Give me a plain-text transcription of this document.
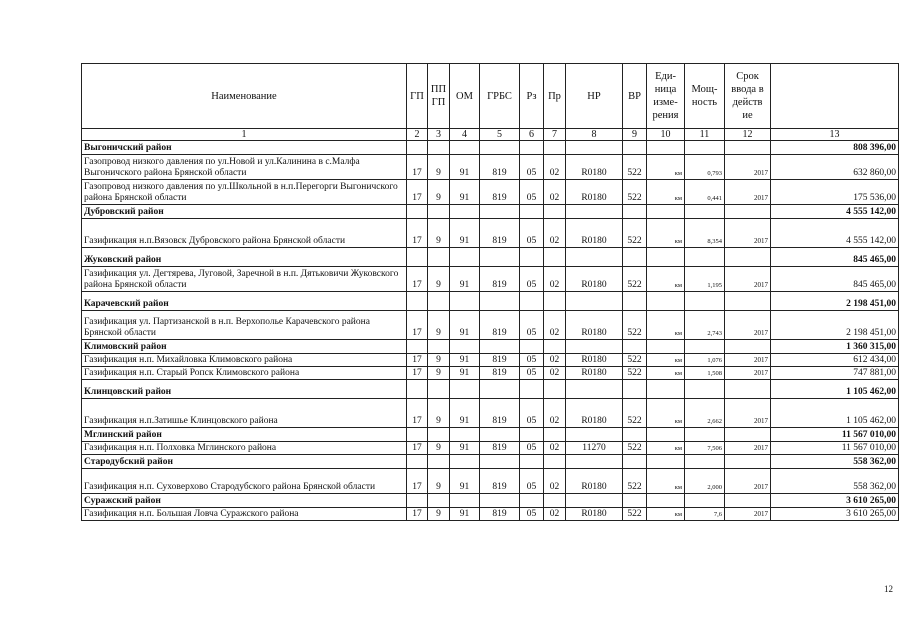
Наименование	ГП	ПП ГП	ОМ	ГРБС	Рз	Пр	НР	ВР	Еди- ница изме- рения	Мощ- ность	Срок ввода в действ ие	
1	2	3	4	5	6	7	8	9	10	11	12	13
Выгоничский район												808 396,00
Газопровод низкого давления по ул.Новой и ул.Калинина в с.Малфа Выгоничского района Брянской области	17	9	91	819	05	02	R0180	522	км	0,793	2017	632 860,00
Газопровод низкого давления по ул.Школьной в н.п.Перегорги Выгоничского района Брянской области	17	9	91	819	05	02	R0180	522	км	0,441	2017	175 536,00
Дубровский район												4 555 142,00
Газификация н.п.Вязовск Дубровского района Брянской области	17	9	91	819	05	02	R0180	522	км	8,354	2017	4 555 142,00
Жуковский район												845 465,00
Газификация ул. Дегтярева, Луговой, Заречной в н.п. Дятьковичи Жуковского района Брянской области	17	9	91	819	05	02	R0180	522	км	1,195	2017	845 465,00
Карачевский район												2 198 451,00
Газификация ул. Партизанской в н.п. Верхополье Карачевского района Брянской области	17	9	91	819	05	02	R0180	522	км	2,743	2017	2 198 451,00
Климовский район												1 360 315,00
Газификация н.п. Михайловка Климовского района	17	9	91	819	05	02	R0180	522	км	1,076	2017	612 434,00
Газификация н.п. Старый Ропск Климовского района	17	9	91	819	05	02	R0180	522	км	1,508	2017	747 881,00
Клинцовский район												1 105 462,00
Газификация н.п.Затишье Клинцовского района	17	9	91	819	05	02	R0180	522	км	2,662	2017	1 105 462,00
Мглинский район												11 567 010,00
Газификация н.п. Полховка Мглинского района	17	9	91	819	05	02	11270	522	км	7,506	2017	11 567 010,00
Стародубский район												558 362,00
Газификация н.п. Суховерхово Стародубского района Брянской области	17	9	91	819	05	02	R0180	522	км	2,000	2017	558 362,00
Суражский район												3 610 265,00
Газификация н.п. Большая Ловча Суражского района	17	9	91	819	05	02	R0180	522	км	7,6	2017	3 610 265,00
12
